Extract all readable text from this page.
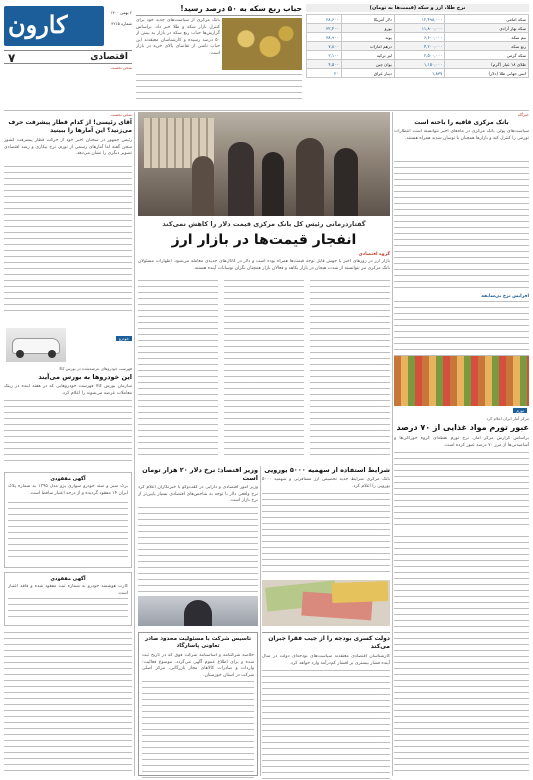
کارون	۲ بهمن ۱۴۰۰
شماره ۴۲۱۵
۷	اقتصادی
سخن نخست
حباب ربع سکه به ۵۰ درصد رسید!
بانک مرکزی از سیاست‌های جدید خود برای کنترل بازار سکه و طلا خبر داد. براساس گزارش‌ها حباب ربع سکه در بازار به بیش از ۵۰ درصد رسیده و کارشناسان معتقدند این حباب ناشی از تقاضای بالای خرید در بازار است.
نرخ طلا، ارز و سکه (قیمت‌ها به تومان)
سکه امامی	۱۲,۴۹۸,۰۰۰	دلار آمریکا	۲۸,۶۰۰
سکه بهار آزادی	۱۱,۸۰۰,۰۰۰	یورو	۳۲,۴۰۰
نیم سکه	۶,۶۰۰,۰۰۰	پوند	۳۸,۹۰۰
ربع سکه	۴,۲۰۰,۰۰۰	درهم امارات	۷,۸۰۰
سکه گرمی	۲,۵۰۰,۰۰۰	لیر ترکیه	۲,۱۰۰
طلای ۱۸ عیار (گرم)	۱,۱۵۰,۰۰۰	یوان چین	۴,۵۰۰
انس جهانی طلا (دلار)	۱,۸۳۷	دینار عراق	۲۰
سخن نخست
آقای رئیسی! از کدام قطار پیشرفت حرف می‌زنید؟ این آمارها را ببینید
رئیس جمهور در سخنان اخیر خود از حرکت قطار پیشرفت کشور سخن گفته اما آمارهای رسمی از تورم، نرخ بیکاری و رشد اقتصادی تصویر دیگری را نشان می‌دهد.
گفتاردرمانی رئیس کل بانک مرکزی قیمت دلار را کاهش نمی‌کند
انفجار قیمت‌ها در بازار ارز
خبرگاه
بانک مرکزی قافیه را باخته است
سیاست‌های پولی بانک مرکزی در ماه‌های اخیر نتوانسته است انتظارات تورمی را کنترل کند و بازارها همچنان با نوسان شدید همراه هستند.
افزایش نرخ بی‌سابقه
گروه اقتصادی
بازار ارز در روزهای اخیر با جهش قابل توجه قیمت‌ها همراه بوده است و دلار در کانال‌های جدیدی معامله می‌شود. اظهارات مسئولان بانک مرکزی نیز نتوانسته از شدت هیجان در بازار بکاهد و فعالان بازار همچنان نگران نوسانات آینده هستند.
خودرو
فهرست خودروهای عرضه‌شده در بورس کالا
این خودروها به بورس می‌آیند
سازمان بورس کالا فهرست خودروهایی که در هفته آینده در رینگ معاملات عرضه می‌شوند را اعلام کرد.
تورم
مرکز آمار ایران اعلام کرد
عبور تورم مواد غذایی از ۷۰ درصد
براساس گزارش مرکز آمار، نرخ تورم نقطه‌ای گروه خوراکی‌ها و آشامیدنی‌ها از مرز ۷۰ درصد عبور کرده است.
وزیر اقتصاد: نرخ دلار ۲۰ هزار تومان است
وزیر امور اقتصادی و دارایی در گفت‌وگو با خبرنگاران اعلام کرد نرخ واقعی دلار با توجه به شاخص‌های اقتصادی بسیار پایین‌تر از نرخ بازار است.
شرایط استفاده از سهمیه ۵۰۰۰ یورویی
بانک مرکزی شرایط جدید تخصیص ارز مسافرتی و سهمیه ۵۰۰۰ یورویی را اعلام کرد.
آگهی مفقودی
برگ سبز و سند خودرو سواری پژو مدل ۱۳۹۵ به شماره پلاک ایران ۱۴ مفقود گردیده و از درجه اعتبار ساقط است.
آگهی مفقودی
کارت هوشمند خودرو به شماره ثبت مفقود شده و فاقد اعتبار است.
دولت کسری بودجه را از جیب فقرا جبران می‌کند
کارشناسان اقتصادی معتقدند سیاست‌های بودجه‌ای دولت در سال آینده فشار بیشتری بر اقشار کم‌درآمد وارد خواهد کرد.
تاسیس شرکت با مسئولیت محدود صادر تعاونی پاسارگاد
خلاصه شرکتنامه و اساسنامه شرکت فوق که در تاریخ ثبت شده و برای اطلاع عموم آگهی می‌گردد. موضوع فعالیت: واردات و صادرات کالاهای مجاز بازرگانی، مرکز اصلی شرکت در استان خوزستان.
